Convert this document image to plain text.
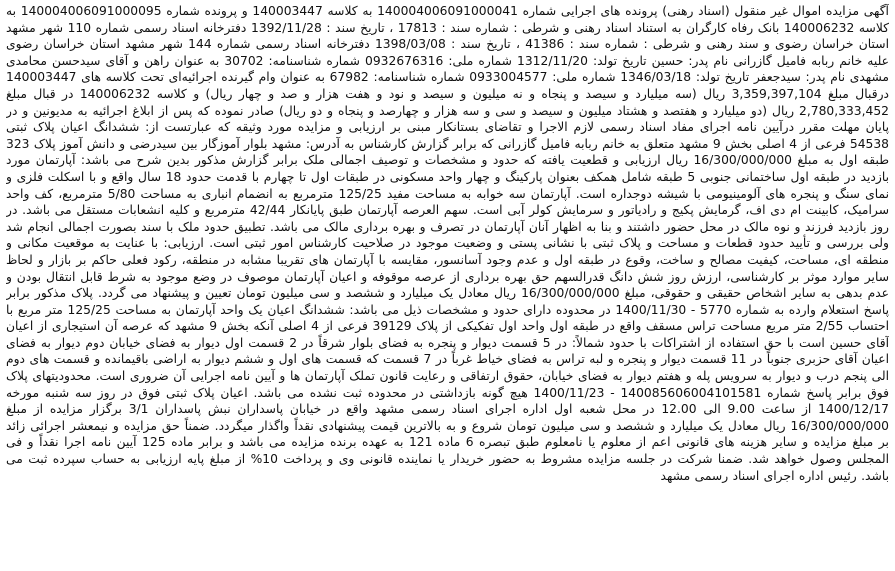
آگهی مزایده اموال غیر منقول (اسناد رهنی) پرونده های اجرایی شماره 140004006091000041 به کلاسه 140003447 و پرونده شماره 140004006091000095 به کلاسه 140006232 بانک رفاه کارگران به استناد اسناد رهنی و شرطی : شماره سند : 17813 ، تاریخ سند : 1392/11/28 دفترخانه اسناد رسمی شماره 110 شهر مشهد استان خراسان رضوی و سند رهنی و شرطی : شماره سند : 41386 ، تاریخ سند : 1398/03/08 دفترخانه اسناد رسمی شماره 144 شهر مشهد استان خراسان رضوی علیه خانم ربابه فامیل گازرانی نام پدر: حسین تاریخ تولد: 1312/11/20 شماره ملی: 0932676316 شماره شناسنامه: 30702 به عنوان راهن و آقای سیدحسن محامدی مشهدی نام پدر: سیدجعفر تاریخ تولد: 1346/03/18 شماره ملی: 0933004577 شماره شناسنامه: 67982 به عنوان وام گیرنده اجرائیه‌ای تحت کلاسه های 140003447 درقبال مبلغ 3,359,397,104 ریال (سه میلیارد و سیصد و پنجاه و نه میلیون و سیصد و نود و هفت هزار و صد و چهار ریال) و کلاسه 140006232 در قبال مبلغ 2,780,333,452 ریال (دو میلیارد و هفتصد و هشتاد میلیون و سیصد و سی و سه هزار و چهارصد و پنجاه و دو ریال) صادر نموده که پس از ابلاغ اجرائیه به مدیونین و در پایان مهلت مقرر درآیین نامه اجرای مفاد اسناد رسمی لازم الاجرا و تقاضای بستانکار مبنی بر ارزیابی و مزایده مورد وثیقه که عبارتست از: ششدانگ اعیان پلاک ثبتی 54538 فرعی از 4 اصلی بخش 9 مشهد متعلق به خانم ربابه فامیل گازرانی که برابر گزارش کارشناس به آدرس: مشهد بلوار آموزگار بین سیدرضی و دانش آموز پلاک 323 طبقه اول به مبلغ 16/300/000/000 ریال ارزیابی و قطعیت یافته که حدود و مشخصات و توصیف اجمالی ملک برابر گزارش مذکور بدین شرح می باشد: آپارتمان مورد بازدید در طبقه اول ساختمانی جنوبی 5 طبقه شامل همکف بعنوان پارکینگ و چهار واحد مسکونی در طبقات اول تا چهارم با قدمت حدود 18 سال واقع و با اسکلت فلزی و نمای سنگ و پنجره های آلومینیومی با شیشه دوجداره است. آپارتمان سه خوابه به مساحت مفید 125/25 مترمربع به انضمام انباری به مساحت 5/80 مترمربع، کف واحد سرامیک، کابینت ام دی اف، گرمایش پکیج و رادیاتور و سرمایش کولر آبی است. سهم العرصه آپارتمان طبق پایانکار 42/44 مترمربع و کلیه انشعابات مستقل می باشد. در روز بازدید فرزند و نوه مالک در محل حضور داشتند و بنا به اظهار آنان آپارتمان در تصرف و بهره برداری مالک می باشد. تطبیق حدود ملک با سند بصورت اجمالی انجام شد ولی بررسی و تأیید حدود قطعات و مساحت و پلاک ثبتی با نشانی پستی و وضعیت موجود در صلاحیت کارشناس امور ثبتی است. ارزیابی: با عنایت به موقعیت مکانی و منطقه ای، مساحت، کیفیت مصالح و ساخت، وقوع در طبقه اول و عدم وجود آسانسور، مقایسه با آپارتمان های تقریبا مشابه در منطقه، رکود فعلی حاکم بر بازار و لحاظ سایر موارد موثر بر کارشناسی، ارزش روز شش دانگ قدرالسهم حق بهره برداری از عرصه موقوفه و اعیان آپارتمان موصوف در وضع موجود به شرط قابل انتقال بودن و عدم بدهی به سایر اشخاص حقیقی و حقوقی، مبلغ 16/300/000/000 ریال معادل یک میلیارد و ششصد و سی میلیون تومان تعیین و پیشنهاد می گردد. پلاک مذکور برابر پاسخ استعلام وارده به شماره 5770 - 1400/11/30 در محدوده دارای حدود و مشخصات ذیل می باشد: ششدانگ اعیان یک واحد آپارتمان به مساحت 125/25 متر مربع با احتساب 2/55 متر مربع مساحت تراس مسقف واقع در طبقه اول واحد اول تفکیکی از پلاک 39129 فرعی از 4 اصلی آنکه بخش 9 مشهد که عرصه آن استیجاری از اعیان آقای حسین است با حق استفاده از اشتراکات با حدود شمالاً: در 5 قسمت دیوار و پنجره به فضای بلوار شرقاً در 2 قسمت اول دیوار به فضای خیابان دوم دیوار به فضای اعیان آقای حزبری جنوباً در 11 قسمت دیوار و پنجره و لبه تراس به فضای خیاط غرباً در 7 قسمت که قسمت های اول و ششم دیوار به اراضی باقیمانده و قسمت های دوم الی پنجم درب و دیوار به سرویس پله و هفتم دیوار به فضای خیابان، حقوق ارتفاقی و رعایت قانون تملک آپارتمان ها و آیین نامه اجرایی آن ضروری است. محدودیتهای پلاک فوق برابر پاسخ شماره 140085606004101581 - 1400/11/23 هیچ گونه بازداشتی در محدوده ثبت نشده می باشد. اعیان پلاک ثبتی فوق در روز سه شنبه مورخه 1400/12/17 از ساعت 9.00 الی 12.00 در محل شعبه اول اداره اجرای اسناد رسمی مشهد واقع در خیابان پاسداران نبش پاسداران 3/1 برگزار مزایده از مبلغ 16/300/000/000 ریال معادل یک میلیارد و ششصد و سی میلیون تومان شروع و به بالاترین قیمت پیشنهادی نقداً واگذار میگردد. ضمناً حق مزایده و نیمعشر اجرائی زائد بر مبلغ مزایده و سایر هزینه های قانونی اعم از معلوم یا نامعلوم طبق تبصره 6 ماده 121 به عهده برنده مزایده می باشد و برابر ماده 125 آیین نامه اجرا نقداً و فی المجلس وصول خواهد شد. ضمنا شرکت در جلسه مزایده مشروط به حضور خریدار یا نماینده قانونی وی و پرداخت 10% از مبلغ پایه ارزیابی به حساب سپرده ثبت می باشد. رئیس اداره اجرای اسناد رسمی مشهد
